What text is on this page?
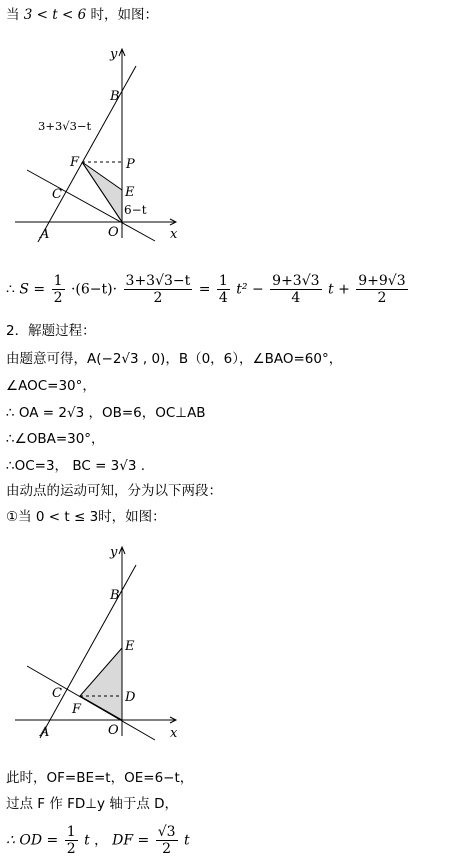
当 3 < t < 6 时，如图：
y
x
B
P
E
F
C
A	O
3+3√3−t
6−t
∴ $S = \frac{1}{2} \cdot(6-t)\cdot \frac{3+3√3-t}{2} = \frac{1}{4} t^2 - \frac{9+3√3}{4}$ $t + \frac{9+9√3}{2}$
2．解题过程：
由题意可得，A(−2√3 , 0)，B（0，6），∠BAO=60°，
∠AOC=30°，
∴ OA = 2√3 ，OB=6，OC⊥AB
∴∠OBA=30°，
∴OC=3， BC = 3√3 .
由动点的运动可知，分为以下两段：
①当 0 < t ≤ 3时，如图：
y
x
B
E
C
F
D
A	O
此时，OF=BE=t，OE=6−t，
过点 F 作 FD⊥y 轴于点 D，
∴ OD = $\frac{1}{2}$ t ， DF = $\frac{√3}{2}$ t
